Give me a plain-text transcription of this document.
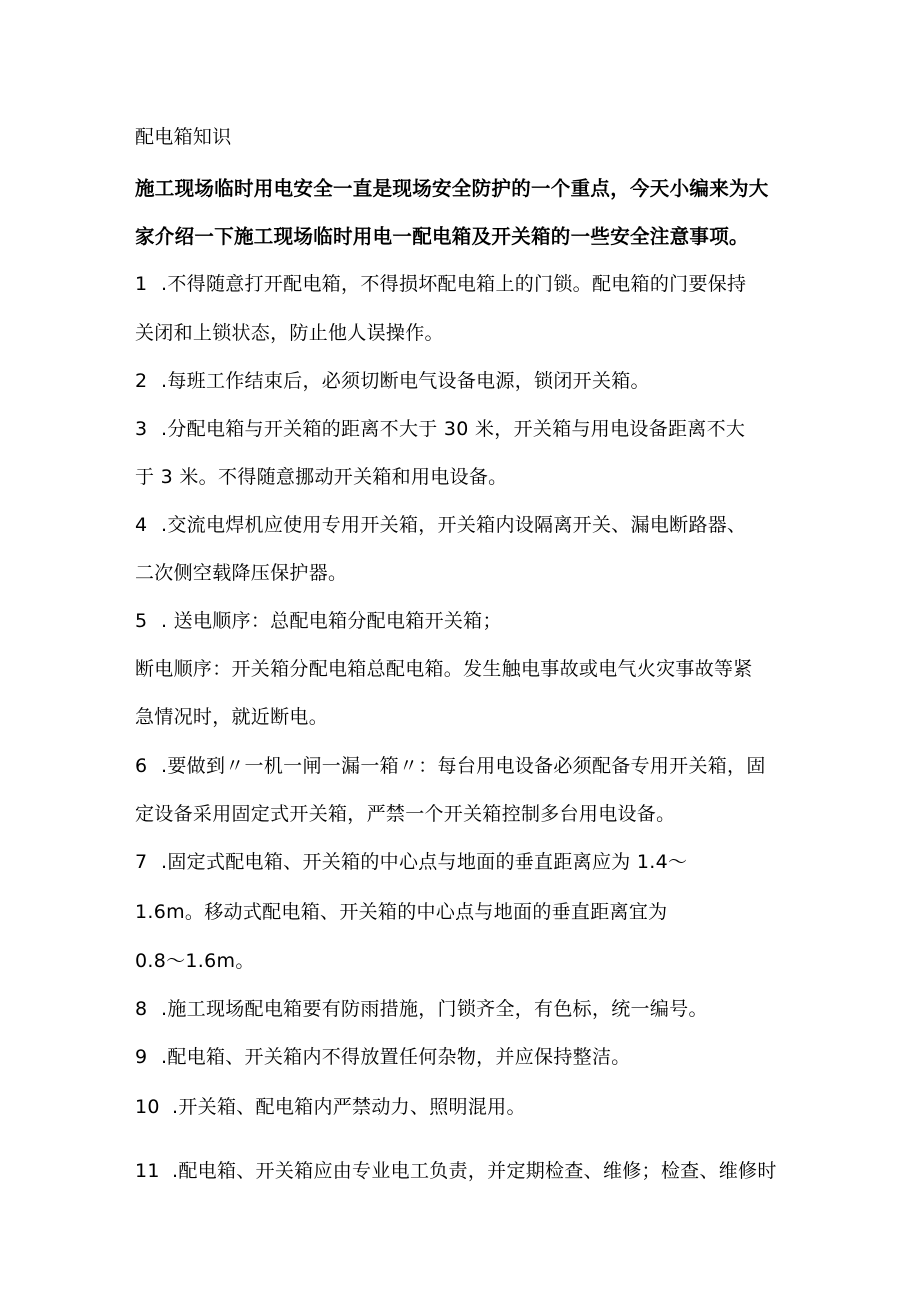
配电箱知识
施工现场临时用电安全一直是现场安全防护的一个重点，今天小编来为大
家介绍一下施工现场临时用电一配电箱及开关箱的一些安全注意事项。
1 .不得随意打开配电箱，不得损坏配电箱上的门锁。配电箱的门要保持
关闭和上锁状态，防止他人误操作。
2 .每班工作结束后，必须切断电气设备电源，锁闭开关箱。
3 .分配电箱与开关箱的距离不大于 30 米，开关箱与用电设备距离不大
于 3 米。不得随意挪动开关箱和用电设备。
4 .交流电焊机应使用专用开关箱，开关箱内设隔离开关、漏电断路器、
二次侧空载降压保护器。
5 . 送电顺序：总配电箱分配电箱开关箱；
断电顺序：开关箱分配电箱总配电箱。发生触电事故或电气火灾事故等紧
急情况时，就近断电。
6 .要做到〃一机一闸一漏一箱〃：每台用电设备必须配备专用开关箱，固
定设备采用固定式开关箱，严禁一个开关箱控制多台用电设备。
7 .固定式配电箱、开关箱的中心点与地面的垂直距离应为 1.4～
1.6m。移动式配电箱、开关箱的中心点与地面的垂直距离宜为
0.8～1.6m。
8 .施工现场配电箱要有防雨措施，门锁齐全，有色标，统一编号。
9 .配电箱、开关箱内不得放置任何杂物，并应保持整洁。
10 .开关箱、配电箱内严禁动力、照明混用。
11 .配电箱、开关箱应由专业电工负责，并定期检查、维修；检查、维修时
